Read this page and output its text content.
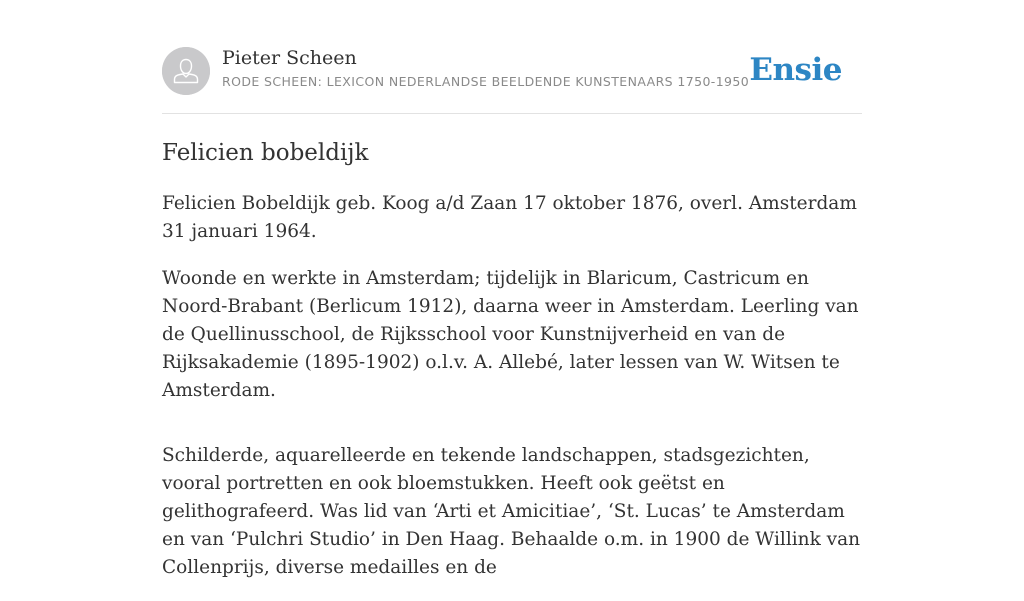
Pieter Scheen
RODE SCHEEN: LEXICON NEDERLANDSE BEELDENDE KUNSTENAARS 1750-1950 Ensie
Felicien bobeldijk

Felicien Bobeldijk geb. Koog a/d Zaan 17 oktober 1876, overl. Amsterdam 31 januari 1964.

Woonde en werkte in Amsterdam; tijdelijk in Blaricum, Castricum en Noord-Brabant (Berlicum 1912), daarna weer in Amsterdam. Leerling van de Quellinusschool, de Rijksschool voor Kunstnijverheid en van de Rijksakademie (1895-1902) o.l.v. A. Allebé, later lessen van W. Witsen te Amsterdam.

Schilderde, aquarelleerde en tekende landschappen, stadsgezichten, vooral portretten en ook bloemstukken. Heeft ook geëtst en gelithografeerd. Was lid van ‘Arti et Amicitiae’, ‘St. Lucas’ te Amsterdam en van ‘Pulchri Studio’ in Den Haag. Behaalde o.m. in 1900 de Willink van Collenprijs, diverse medailles en de
